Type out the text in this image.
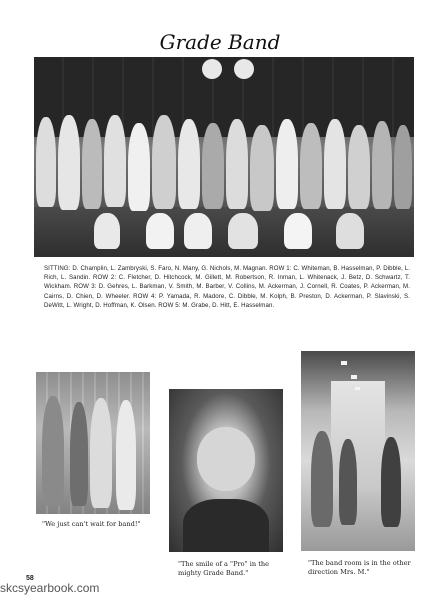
Grade Band
SITTING: D. Champlin, L. Zambryski, S. Faro, N. Many, G. Nichols, M. Magnan. ROW 1: C. Whiteman, B. Hasselman, P. Dibble, L. Rich, L. Sandin. ROW 2: C. Fletcher, D. Hitchcock, M. Gillett, M. Robertson, R. Inman, L. Whitenack, J. Betz, D. Schwartz, T. Wickham. ROW 3: D. Gehres, L. Barkman, V. Smith, M. Barber, V. Collins, M. Ackerman, J. Cornell, R. Coates, P. Ackerman, M. Cairns, D. Chien, D. Wheeler. ROW 4: P. Yamada, R. Madore, C. Dibble, M. Kolph, B. Preston, D. Ackerman, P. Slavinski, S. DeWitt, L. Wright, D. Hoffman, K. Olsen. ROW 5: M. Grabe, D. Hitt, E. Hasselman.
"We just can't wait for band!"
"The smile of a "Pro" in the mighty Grade Band."
"The band room is in the other direction Mrs. M."
58
skcsyearbook.com
